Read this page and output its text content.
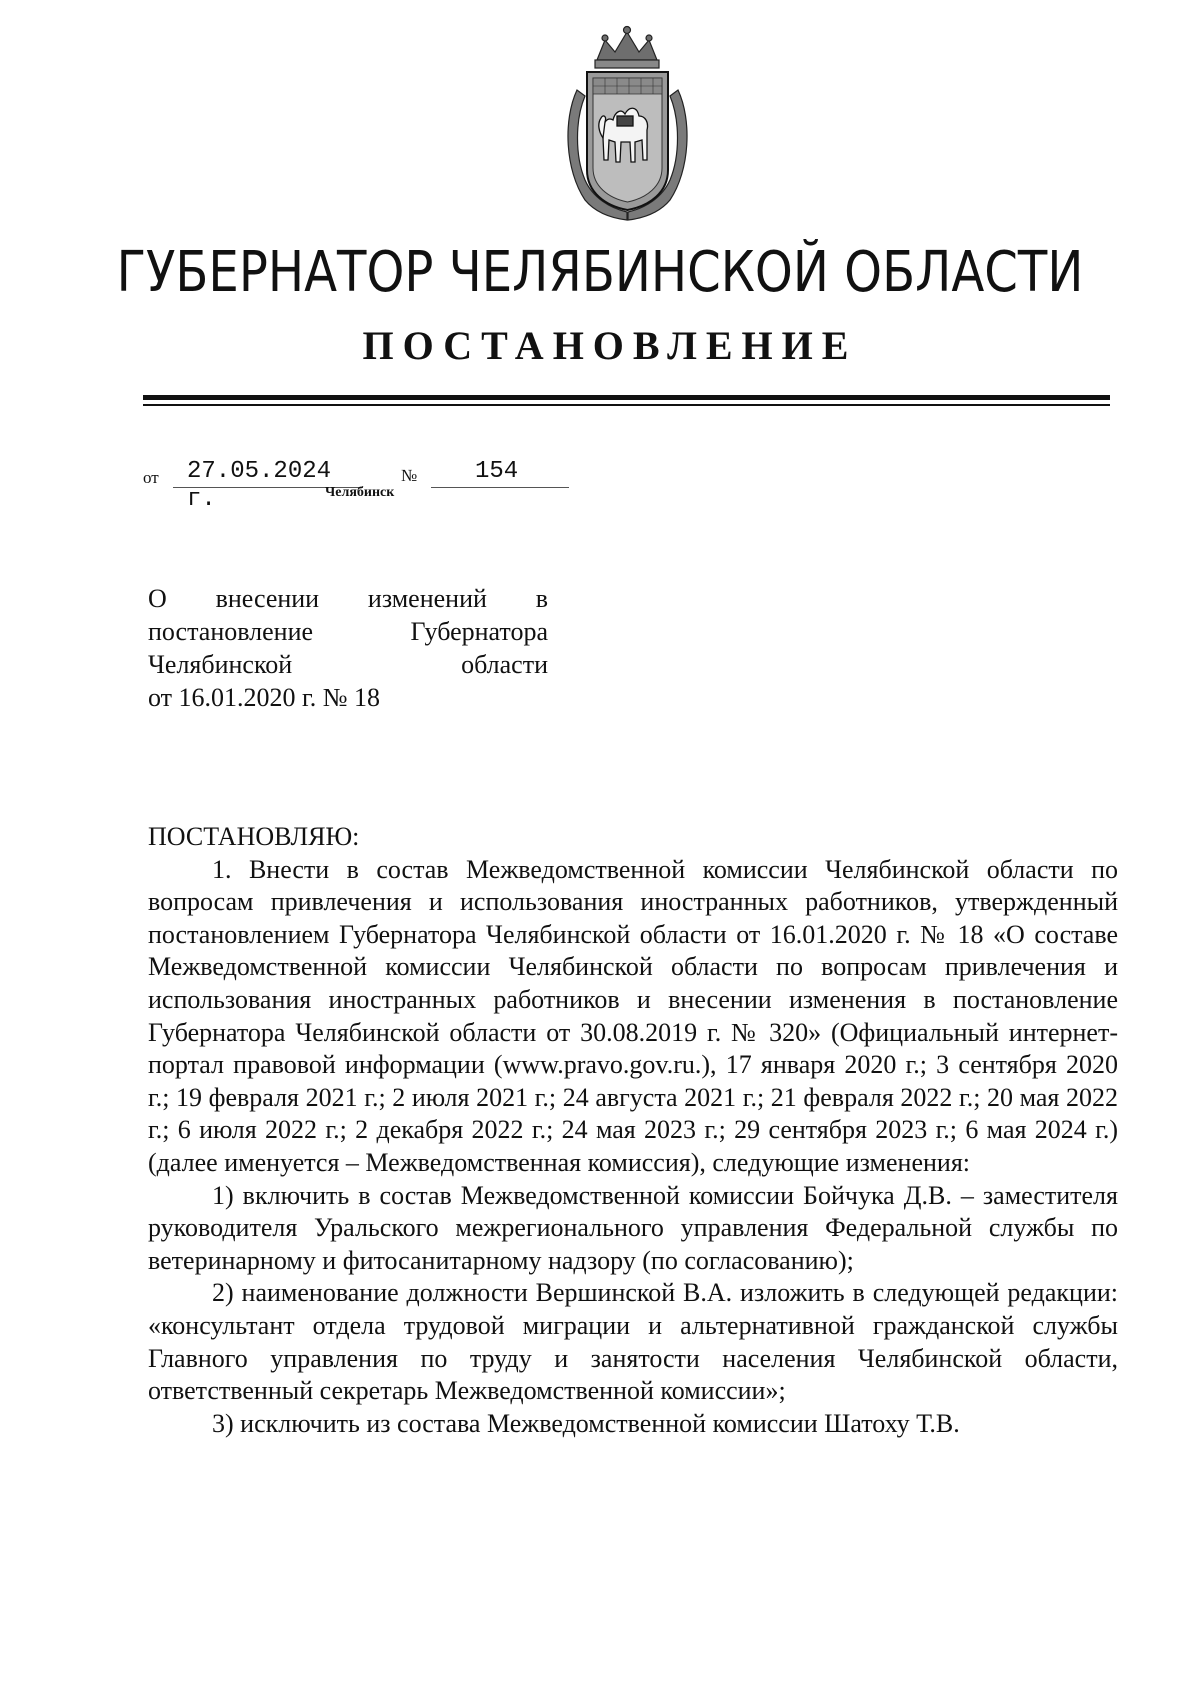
ГУБЕРНАТОР ЧЕЛЯБИНСКОЙ ОБЛАСТИ
ПОСТАНОВЛЕНИЕ
от	27.05.2024 г.
№	154
Челябинск
О внесении изменений в
постановление Губернатора
Челябинской области
от 16.01.2020 г. № 18
ПОСТАНОВЛЯЮ:

1. Внести в состав Межведомственной комиссии Челябинской области по вопросам привлечения и использования иностранных работников, утвержденный постановлением Губернатора Челябинской области от 16.01.2020 г. № 18 «О составе Межведомственной комиссии Челябинской области по вопросам привлечения и использования иностранных работников и внесении изменения в постановление Губернатора Челябинской области от 30.08.2019 г. № 320» (Официальный интернет-портал правовой информации (www.pravo.gov.ru.), 17 января 2020 г.; 3 сентября 2020 г.; 19 февраля 2021 г.; 2 июля 2021 г.; 24 августа 2021 г.; 21 февраля 2022 г.; 20 мая 2022 г.; 6 июля 2022 г.; 2 декабря 2022 г.; 24 мая 2023 г.; 29 сентября 2023 г.; 6 мая 2024 г.) (далее именуется – Межведомственная комиссия), следующие изменения:

1) включить в состав Межведомственной комиссии Бойчука Д.В. – заместителя руководителя Уральского межрегионального управления Федеральной службы по ветеринарному и фитосанитарному надзору (по согласованию);

2) наименование должности Вершинской В.А. изложить в следующей редакции: «консультант отдела трудовой миграции и альтернативной гражданской службы Главного управления по труду и занятости населения Челябинской области, ответственный секретарь Межведомственной комиссии»;

3) исключить из состава Межведомственной комиссии Шатоху Т.В.
